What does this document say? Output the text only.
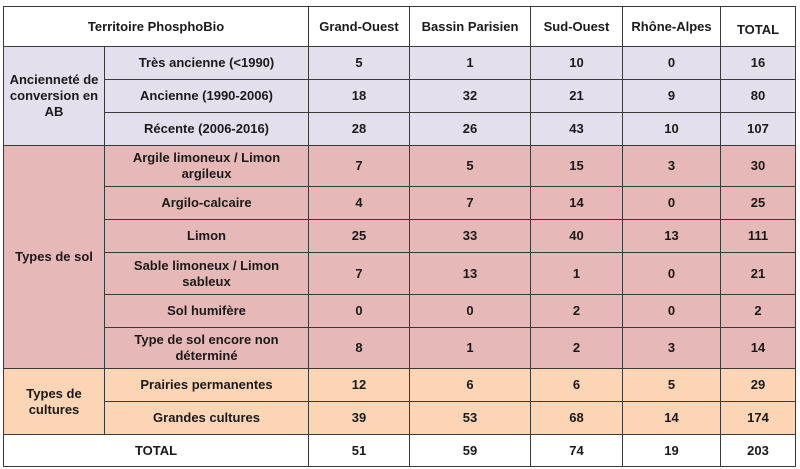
Territoire PhosphoBio		Grand-Ouest	Bassin Parisien	Sud-Ouest	Rhône-Alpes	TOTAL
Ancienneté de conversion en AB	Très ancienne (<1990)	5	1	10	0	16
	Ancienne (1990-2006)	18	32	21	9	80
	Récente (2006-2016)	28	26	43	10	107
Types de sol	Argile limoneux / Limon argileux	7	5	15	3	30
	Argilo-calcaire	4	7	14	0	25
	Limon	25	33	40	13	111
	Sable limoneux / Limon sableux	7	13	1	0	21
	Sol humifère	0	0	2	0	2
	Type de sol encore non déterminé	8	1	2	3	14
Types de cultures	Prairies permanentes	12	6	6	5	29
	Grandes cultures	39	53	68	14	174
TOTAL		51	59	74	19	203
